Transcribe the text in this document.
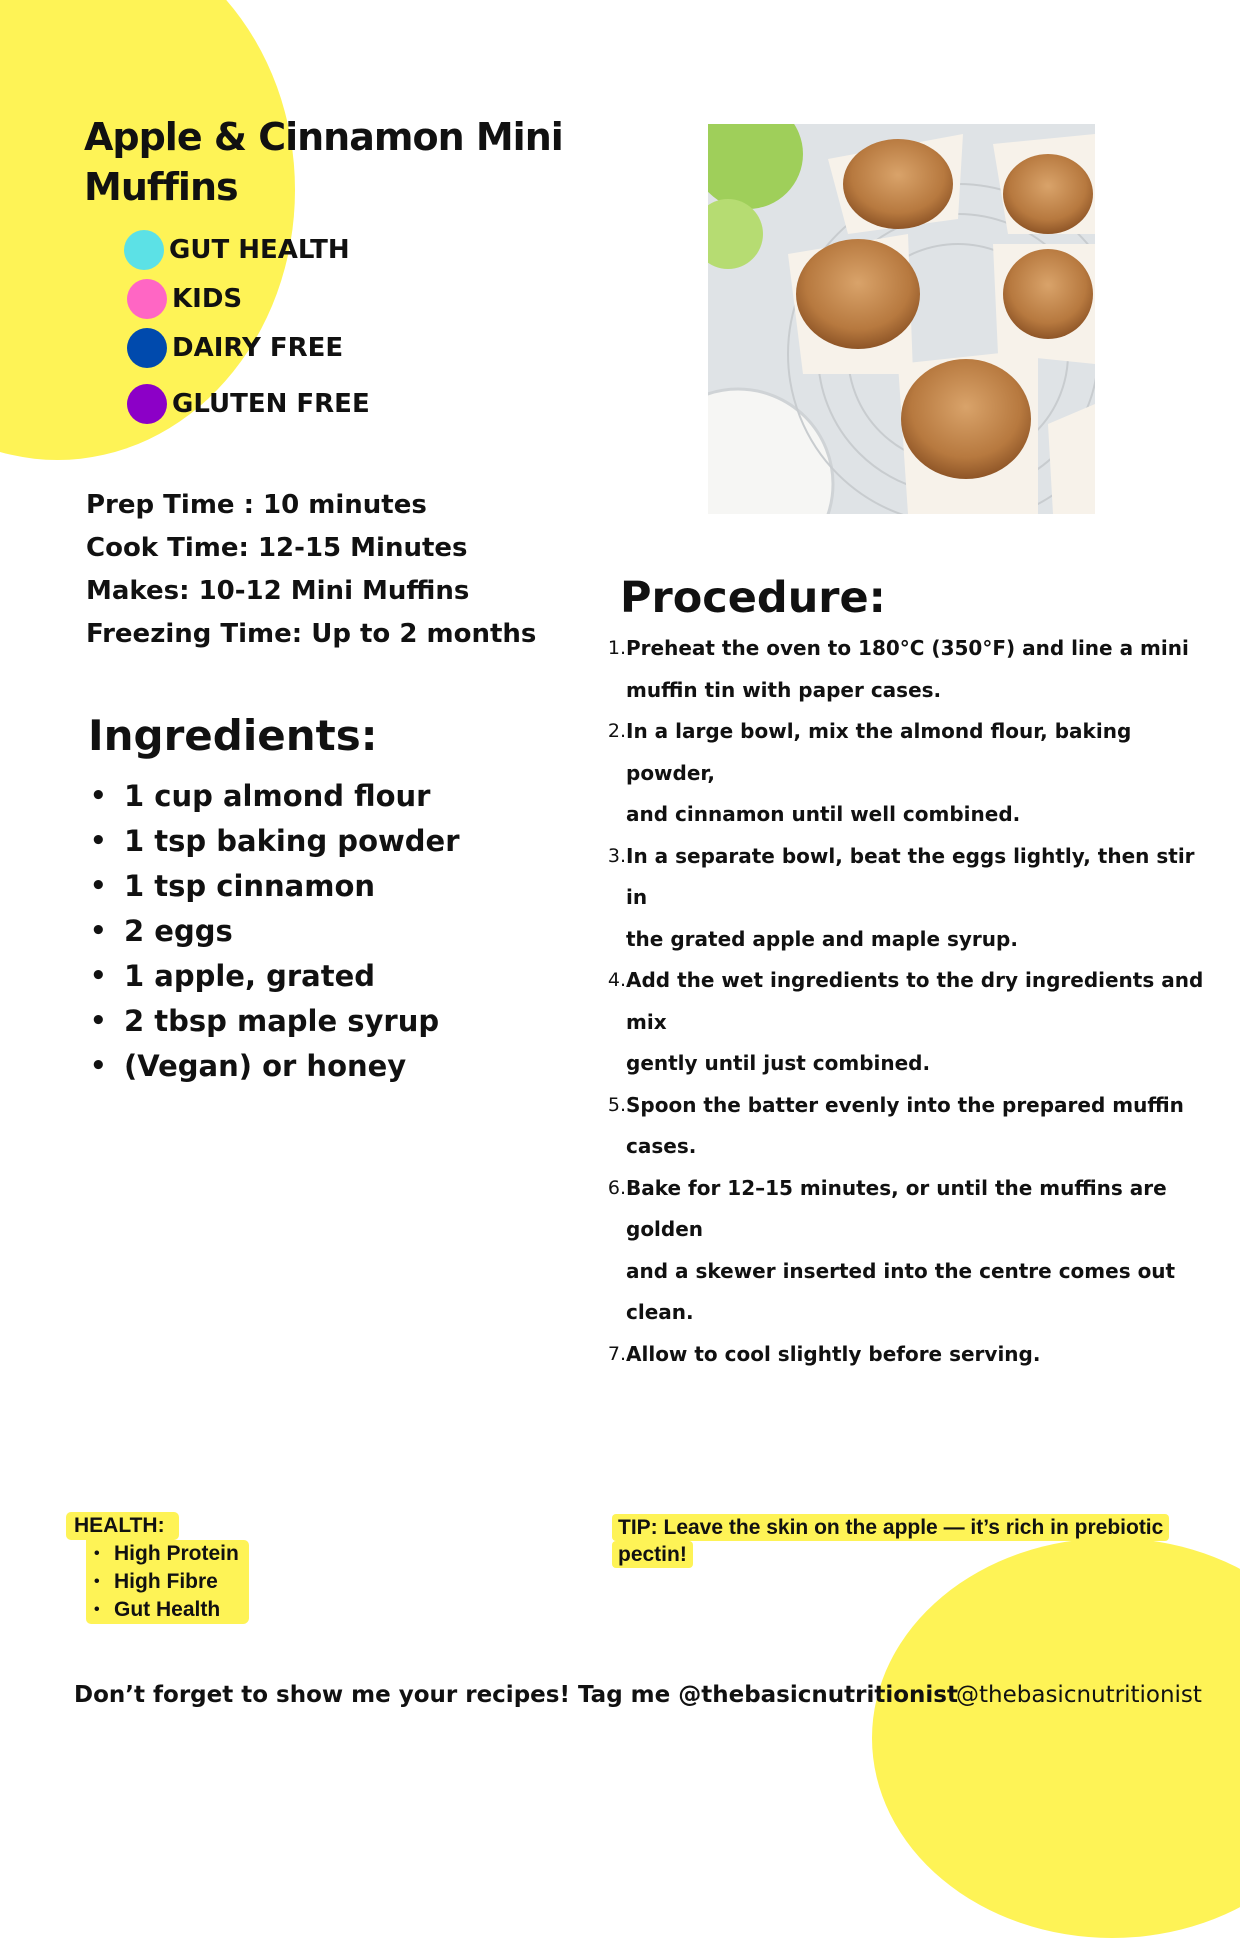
Apple & Cinnamon Mini Muffins
GUT HEALTH
KIDS
DAIRY FREE
GLUTEN FREE
Prep Time : 10 minutes
Cook Time: 12-15 Minutes
Makes: 10-12 Mini Muffins
Freezing Time: Up to 2 months
Ingredients:
• 1 cup almond flour
• 1 tsp baking powder
• 1 tsp cinnamon
• 2 eggs
• 1 apple, grated
• 2 tbsp maple syrup
• (Vegan) or honey
Procedure:
1. Preheat the oven to 180°C (350°F) and line a mini
muffin tin with paper cases.
2. In a large bowl, mix the almond flour, baking powder,
and cinnamon until well combined.
3. In a separate bowl, beat the eggs lightly, then stir in
the grated apple and maple syrup.
4. Add the wet ingredients to the dry ingredients and mix
gently until just combined.
5. Spoon the batter evenly into the prepared muffin
cases.
6. Bake for 12–15 minutes, or until the muffins are golden
and a skewer inserted into the centre comes out
clean.
7. Allow to cool slightly before serving.
HEALTH:
• High Protein
• High Fibre
• Gut Health
TIP: Leave the skin on the apple — it’s rich in prebiotic
pectin!
Don’t forget to show me your recipes! Tag me @thebasicnutritionist
@thebasicnutritionist
